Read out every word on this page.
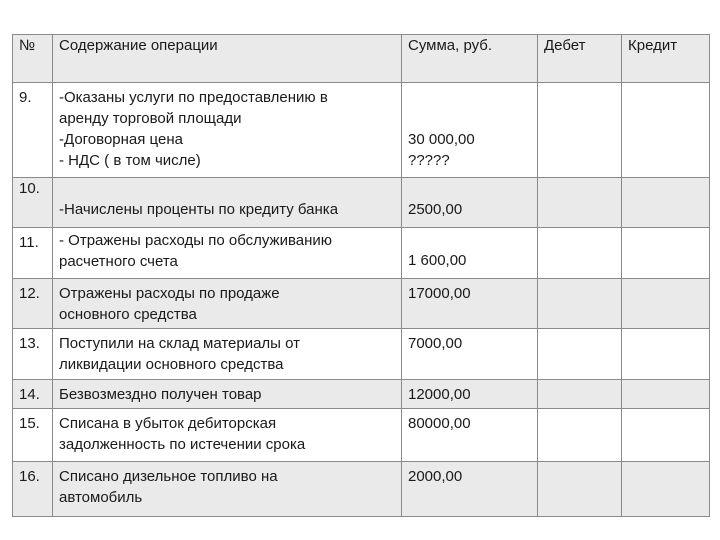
№	Содержание операции	Сумма, руб.	Дебет	Кредит
9.	-Оказаны услуги по предоставлению в
аренду торговой площади
-Договорная цена
- НДС ( в том числе)	30 000,00
?????		

10.	-Начислены проценты по кредиту банка	2500,00		

11.	- Отражены расходы по обслуживанию
расчетного счета	1 600,00		

12.	Отражены расходы по продаже
основного средства	17000,00		

13.	Поступили на склад материалы от
ликвидации основного средства	7000,00		

14.	Безвозмездно получен товар	12000,00		

15.	Списана в убыток дебиторская
задолженность по истечении срока	80000,00		

16.	Списано дизельное топливо на
автомобиль	2000,00		
